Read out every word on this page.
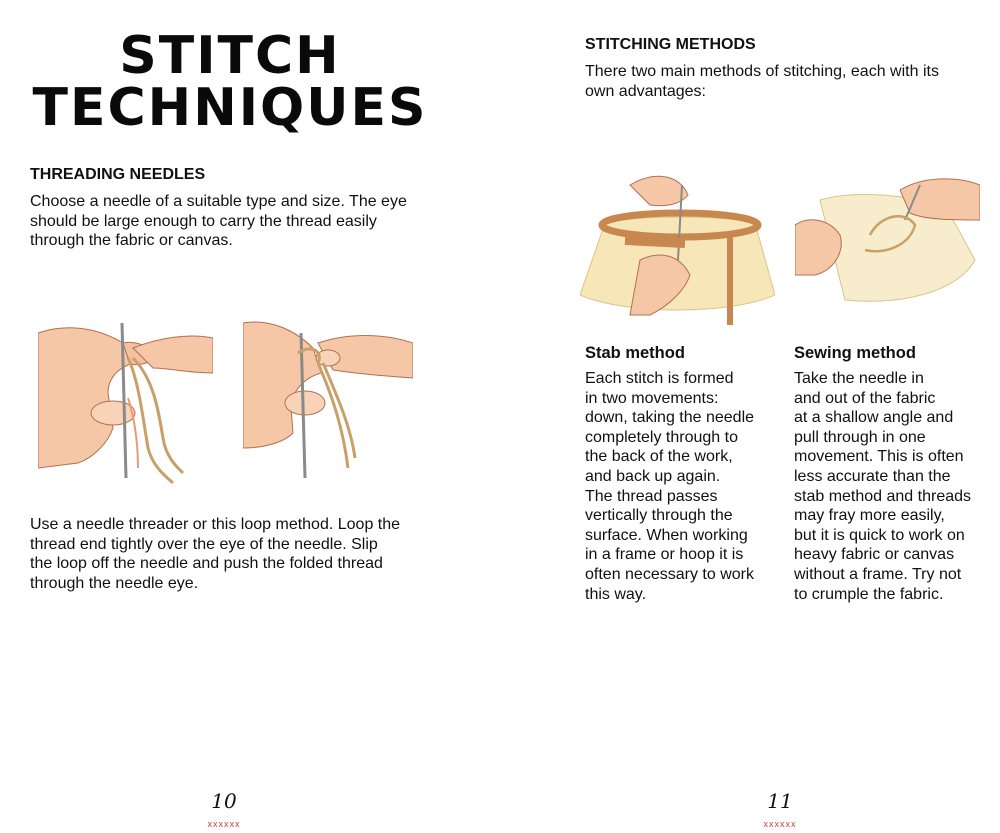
STITCH
TECHNIQUES
THREADING NEEDLES
Choose a needle of a suitable type and size. The eye
should be large enough to carry the thread easily
through the fabric or canvas.
Use a needle threader or this loop method. Loop the
thread end tightly over the eye of the needle. Slip
the loop off the needle and push the folded thread
through the needle eye.
10
xxxxxx
STITCHING METHODS
There two main methods of stitching, each with its
own advantages:
Stab method
Each stitch is formed
in two movements:
down, taking the needle
completely through to
the back of the work,
and back up again.
The thread passes
vertically through the
surface. When working
in a frame or hoop it is
often necessary to work
this way.
Sewing method
Take the needle in
and out of the fabric
at a shallow angle and
pull through in one
movement. This is often
less accurate than the
stab method and threads
may fray more easily,
but it is quick to work on
heavy fabric or canvas
without a frame. Try not
to crumple the fabric.
11
xxxxxx
